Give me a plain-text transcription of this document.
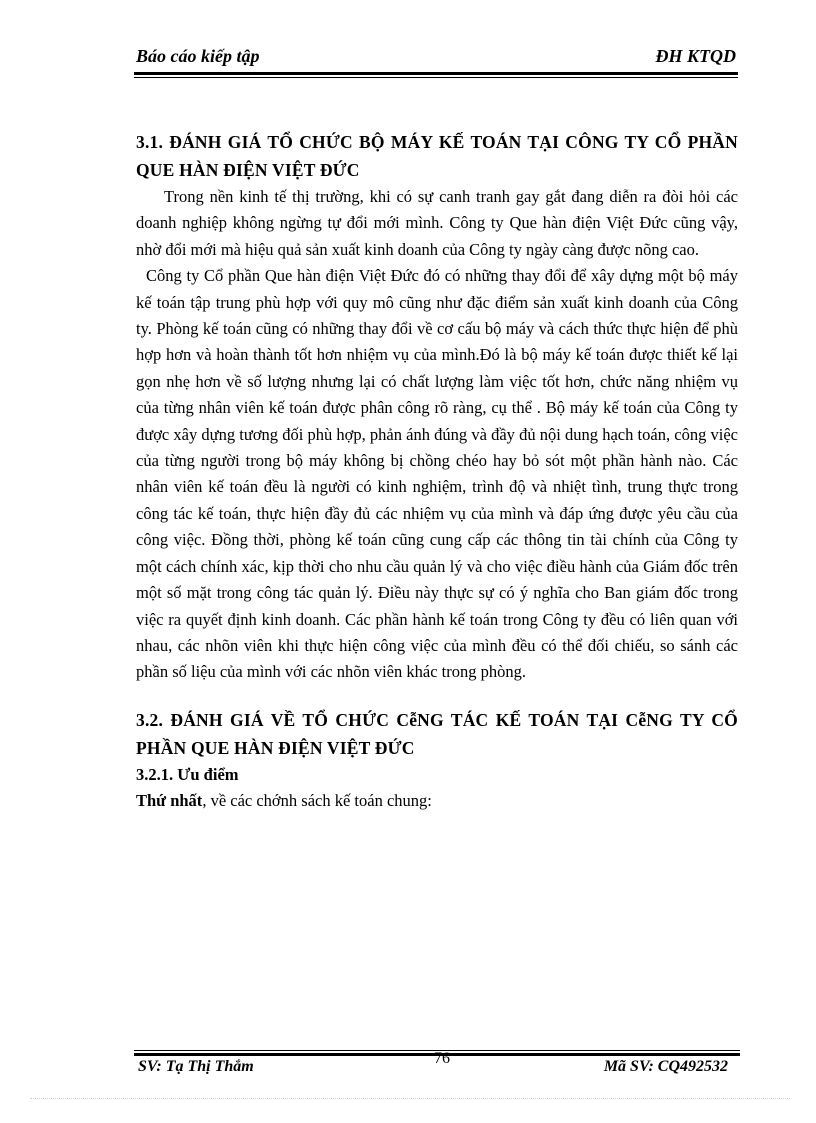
Báo cáo kiếp tập	ĐH KTQD

3.1. ĐÁNH GIÁ TỔ CHỨC BỘ MÁY KẾ TOÁN TẠI CÔNG TY CỔ PHẦN QUE HÀN ĐIỆN VIỆT ĐỨC

Trong nền kinh tế thị trường, khi có sự canh tranh gay gắt đang diễn ra đòi hỏi các doanh nghiệp không ngừng tự đổi mới mình. Công ty Que hàn điện Việt Đức cũng vậy, nhờ đổi mới mà hiệu quả sản xuất kinh doanh của Công ty ngày càng được nõng cao.

Công ty Cổ phần Que hàn điện Việt Đức đó có những thay đổi để xây dựng một bộ máy kế toán tập trung phù hợp với quy mô cũng như đặc điểm sản xuất kinh doanh của Công ty. Phòng kế toán cũng có những thay đổi về cơ cấu bộ máy và cách thức thực hiện để phù hợp hơn và hoàn thành tốt hơn nhiệm vụ của mình.Đó là bộ máy kế toán được thiết kế lại gọn nhẹ hơn về số lượng nhưng lại có chất lượng làm việc tốt hơn, chức năng nhiệm vụ của từng nhân viên kế toán được phân công rõ ràng, cụ thể . Bộ máy kế toán của Công ty được xây dựng tương đối phù hợp, phản ánh đúng và đầy đủ nội dung hạch toán, công việc của từng người trong bộ máy không bị chồng chéo hay bỏ sót một phần hành nào. Các nhân viên kế toán đều là người có kinh nghiệm, trình độ và nhiệt tình, trung thực trong công tác kế toán, thực hiện đầy đủ các nhiệm vụ của mình và đáp ứng được yêu cầu của công việc. Đồng thời, phòng kế toán cũng cung cấp các thông tin tài chính của Công ty một cách chính xác, kịp thời cho nhu cầu quản lý và cho việc điều hành của Giám đốc trên một số mặt trong công tác quản lý. Điều này thực sự có ý nghĩa cho Ban giám đốc trong việc ra quyết định kinh doanh. Các phần hành kế toán trong Công ty đều có liên quan với nhau, các nhõn viên khi thực hiện công việc của mình đều có thể đối chiếu, so sánh các phần số liệu của mình với các nhõn viên khác trong phòng.

3.2. ĐÁNH GIÁ VỀ TỔ CHỨC CễNG TÁC KẾ TOÁN TẠI CễNG TY CỔ PHẦN QUE HÀN ĐIỆN VIỆT ĐỨC

3.2.1. Ưu điểm

Thứ nhất, về các chớnh sách kế toán chung:

SV: Tạ Thị Thắm	76	Mã SV: CQ492532
